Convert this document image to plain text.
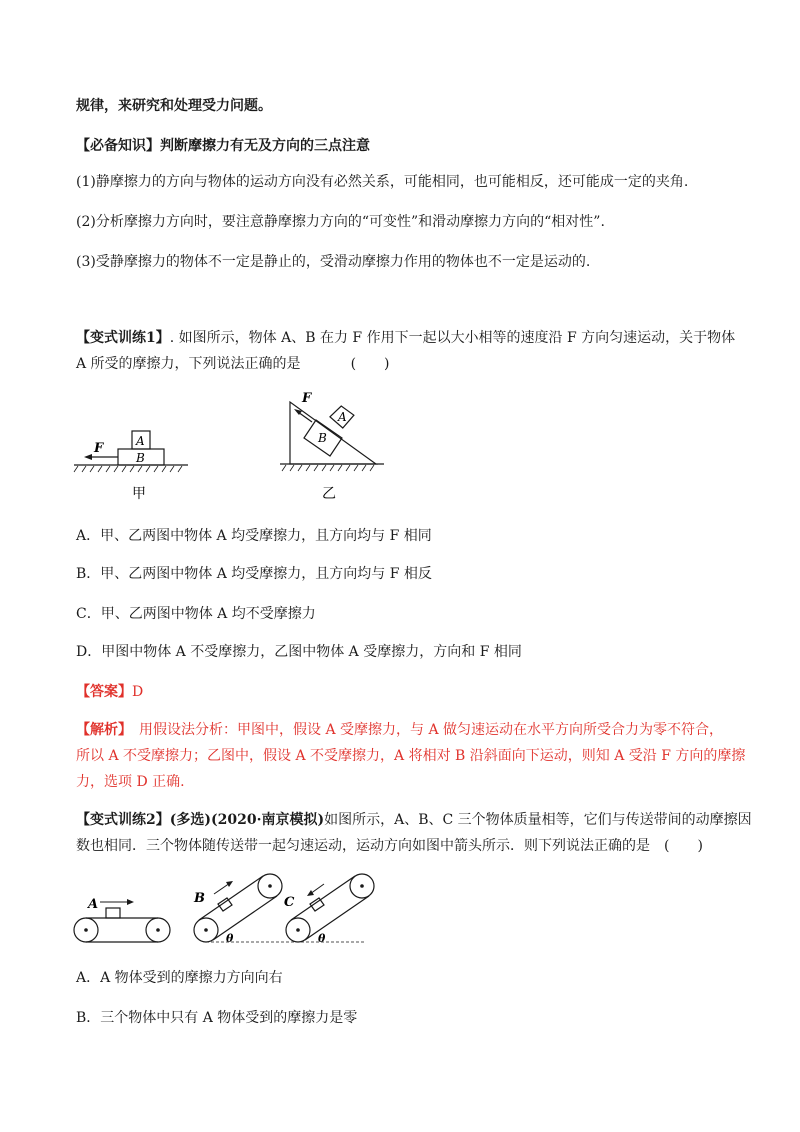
规律，来研究和处理受力问题。
【必备知识】判断摩擦力有无及方向的三点注意
(1)静摩擦力的方向与物体的运动方向没有必然关系，可能相同，也可能相反，还可能成一定的夹角.
(2)分析摩擦力方向时，要注意静摩擦力方向的“可变性”和滑动摩擦力方向的“相对性”.
(3)受静摩擦力的物体不一定是静止的，受滑动摩擦力作用的物体也不一定是运动的.
【变式训练1】. 如图所示，物体 A、B 在力 F 作用下一起以大小相等的速度沿 F 方向匀速运动，关于物体
A 所受的摩擦力，下列说法正确的是	(　　)
F	A
B
甲
F
A
B
乙
A．甲、乙两图中物体 A 均受摩擦力，且方向均与 F 相同
B．甲、乙两图中物体 A 均受摩擦力，且方向均与 F 相反
C．甲、乙两图中物体 A 均不受摩擦力
D．甲图中物体 A 不受摩擦力，乙图中物体 A 受摩擦力，方向和 F 相同
【答案】D
【解析】　用假设法分析：甲图中，假设 A 受摩擦力，与 A 做匀速运动在水平方向所受合力为零不符合，
所以 A 不受摩擦力；乙图中，假设 A 不受摩擦力，A 将相对 B 沿斜面向下运动，则知 A 受沿 F 方向的摩擦
力，选项 D 正确.
【变式训练2】(多选)(2020·南京模拟)如图所示，A、B、C 三个物体质量相等，它们与传送带间的动摩擦因
数也相同．三个物体随传送带一起匀速运动，运动方向如图中箭头所示．则下列说法正确的是 (　　)
A	B
θ
C
θ
A．A 物体受到的摩擦力方向向右
B．三个物体中只有 A 物体受到的摩擦力是零
